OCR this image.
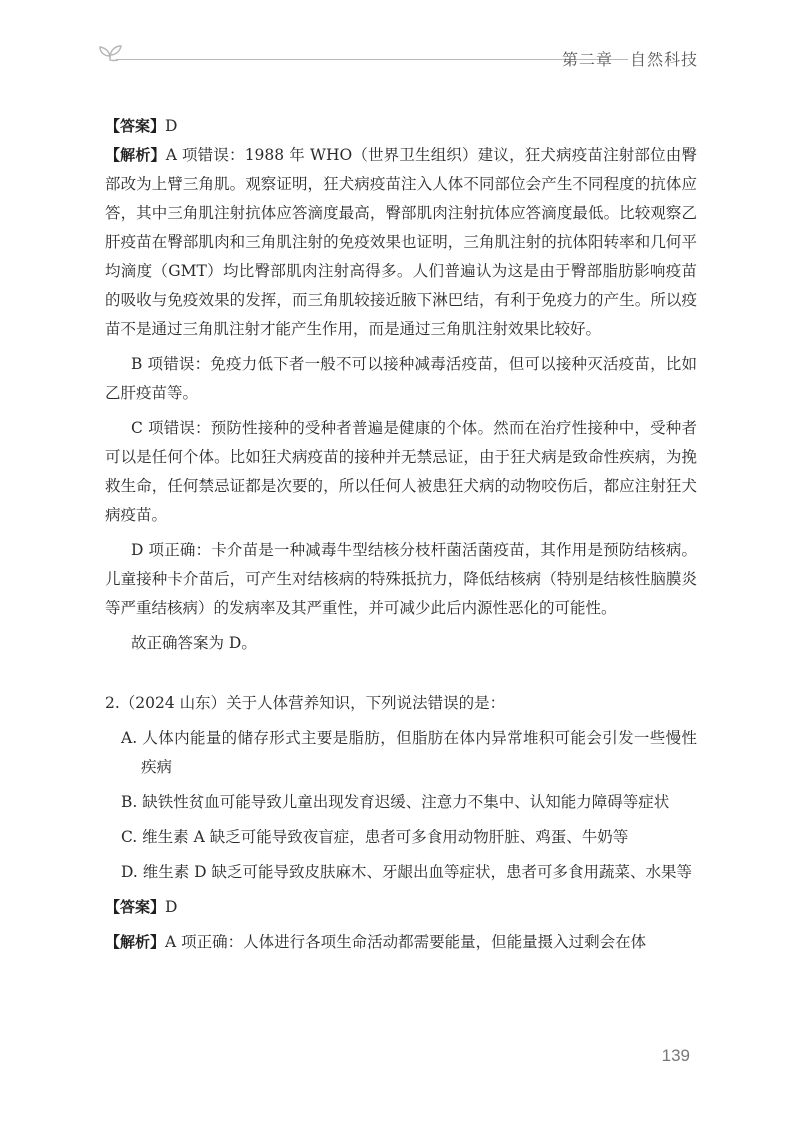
第二章　自然科技

【答案】D

【解析】A 项错误：1988 年 WHO（世界卫生组织）建议，狂犬病疫苗注射部位由臀部改为上臂三角肌。观察证明，狂犬病疫苗注入人体不同部位会产生不同程度的抗体应答，其中三角肌注射抗体应答滴度最高，臀部肌肉注射抗体应答滴度最低。比较观察乙肝疫苗在臀部肌肉和三角肌注射的免疫效果也证明，三角肌注射的抗体阳转率和几何平均滴度（GMT）均比臀部肌肉注射高得多。人们普遍认为这是由于臀部脂肪影响疫苗的吸收与免疫效果的发挥，而三角肌较接近腋下淋巴结，有利于免疫力的产生。所以疫苗不是通过三角肌注射才能产生作用，而是通过三角肌注射效果比较好。

B 项错误：免疫力低下者一般不可以接种减毒活疫苗，但可以接种灭活疫苗，比如乙肝疫苗等。

C 项错误：预防性接种的受种者普遍是健康的个体。然而在治疗性接种中，受种者可以是任何个体。比如狂犬病疫苗的接种并无禁忌证，由于狂犬病是致命性疾病，为挽救生命，任何禁忌证都是次要的，所以任何人被患狂犬病的动物咬伤后，都应注射狂犬病疫苗。

D 项正确：卡介苗是一种减毒牛型结核分枝杆菌活菌疫苗，其作用是预防结核病。儿童接种卡介苗后，可产生对结核病的特殊抵抗力，降低结核病（特别是结核性脑膜炎等严重结核病）的发病率及其严重性，并可减少此后内源性恶化的可能性。

故正确答案为 D。

2.（2024 山东）关于人体营养知识，下列说法错误的是：

A. 人体内能量的储存形式主要是脂肪，但脂肪在体内异常堆积可能会引发一些慢性疾病

B. 缺铁性贫血可能导致儿童出现发育迟缓、注意力不集中、认知能力障碍等症状

C. 维生素 A 缺乏可能导致夜盲症，患者可多食用动物肝脏、鸡蛋、牛奶等

D. 维生素 D 缺乏可能导致皮肤麻木、牙龈出血等症状，患者可多食用蔬菜、水果等

【答案】D

【解析】A 项正确：人体进行各项生命活动都需要能量，但能量摄入过剩会在体

139
